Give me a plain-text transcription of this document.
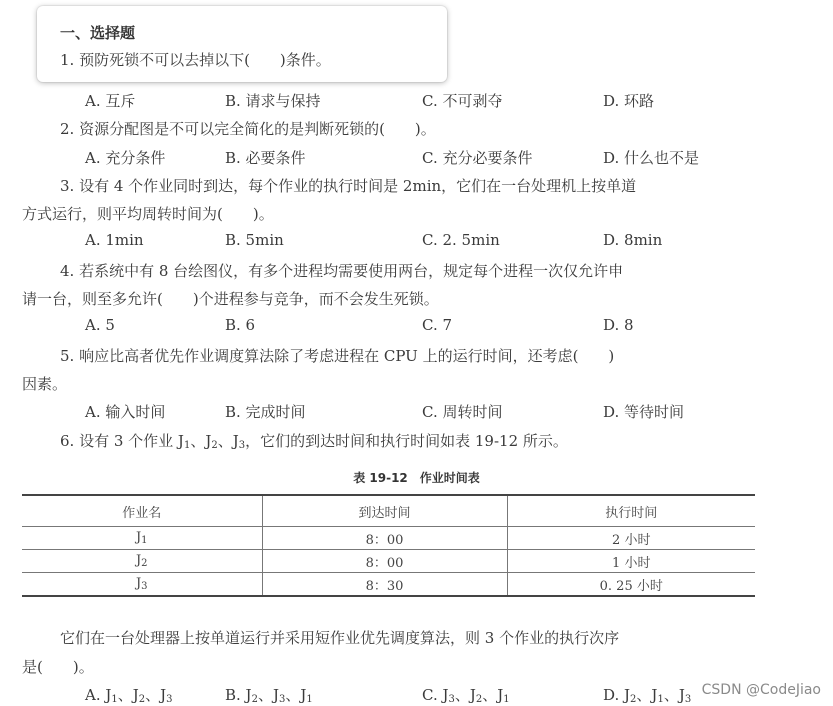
一、选择题
1. 预防死锁不可以去掉以下(　　)条件。
A. 互斥	B. 请求与保持	C. 不可剥夺	D. 环路
2. 资源分配图是不可以完全简化的是判断死锁的(　　)。
A. 充分条件	B. 必要条件	C. 充分必要条件	D. 什么也不是
3. 设有 4 个作业同时到达，每个作业的执行时间是 2min，它们在一台处理机上按单道
方式运行，则平均周转时间为(　　)。
A. 1min	B. 5min	C. 2. 5min	D. 8min
4. 若系统中有 8 台绘图仪，有多个进程均需要使用两台，规定每个进程一次仅允许申
请一台，则至多允许(　　)个进程参与竞争，而不会发生死锁。
A. 5	B. 6	C. 7	D. 8
5. 响应比高者优先作业调度算法除了考虑进程在 CPU 上的运行时间，还考虑(　　)
因素。
A. 输入时间	B. 完成时间	C. 周转时间	D. 等待时间
6. 设有 3 个作业 $J_1$、$J_2$、$J_3$，它们的到达时间和执行时间如表 19-12 所示。
表 19-12　作业时间表
作业名	到达时间	执行时间
$J_1$	8：00	2 小时
$J_2$	8：00	1 小时
$J_3$	8：30	0. 25 小时
它们在一台处理器上按单道运行并采用短作业优先调度算法，则 3 个作业的执行次序
是(　　)。
A. $J_1$、$J_2$、$J_3$	B. $J_2$、$J_3$、$J_1$	C. $J_3$、$J_2$、$J_1$	D. $J_2$、$J_1$、$J_3$
CSDN @CodeJiao
